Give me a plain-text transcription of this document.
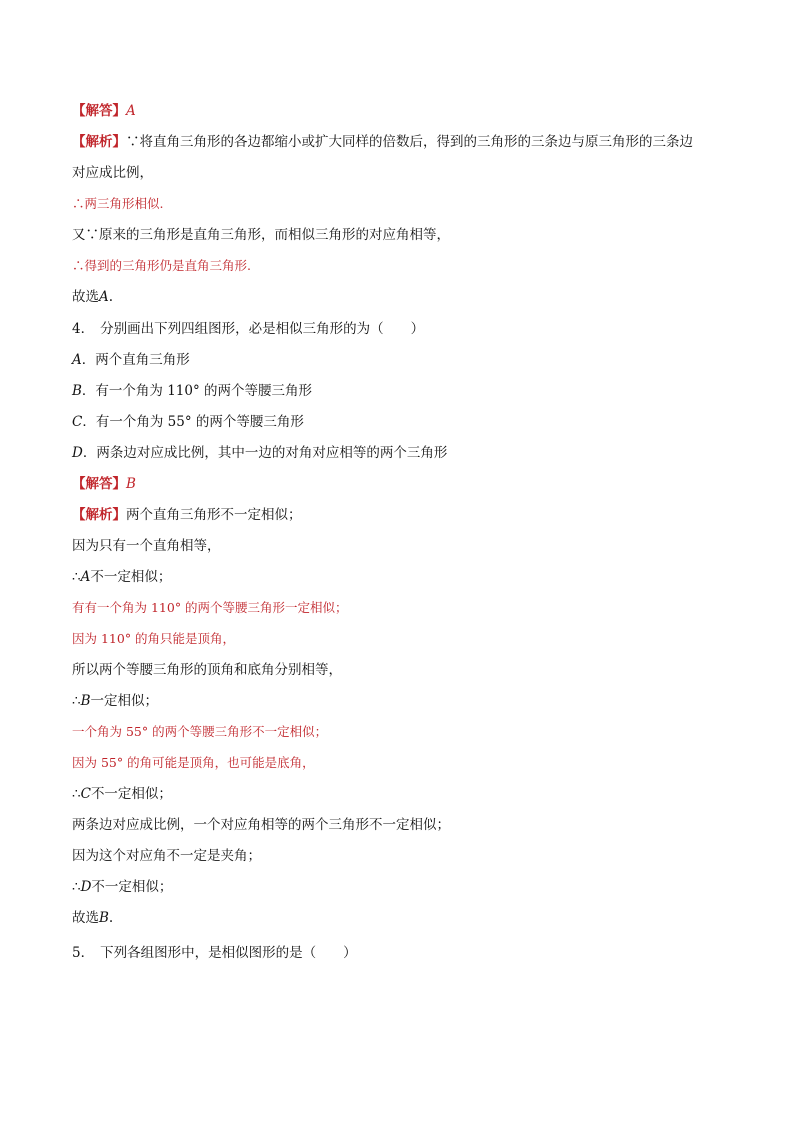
【解答】A
【解析】∵将直角三角形的各边都缩小或扩大同样的倍数后，得到的三角形的三条边与原三角形的三条边
对应成比例，
∴两三角形相似.
又∵原来的三角形是直角三角形，而相似三角形的对应角相等，
∴得到的三角形仍是直角三角形.
故选A.
4． 分别画出下列四组图形，必是相似三角形的为（　　）
A．两个直角三角形
B．有一个角为 110° 的两个等腰三角形
C．有一个角为 55° 的两个等腰三角形
D．两条边对应成比例，其中一边的对角对应相等的两个三角形
【解答】B
【解析】两个直角三角形不一定相似；
因为只有一个直角相等，
∴A不一定相似；
有有一个角为 110° 的两个等腰三角形一定相似；
因为 110° 的角只能是顶角，
所以两个等腰三角形的顶角和底角分别相等，
∴B一定相似；
一个角为 55° 的两个等腰三角形不一定相似；
因为 55° 的角可能是顶角，也可能是底角，
∴C不一定相似；
两条边对应成比例，一个对应角相等的两个三角形不一定相似；
因为这个对应角不一定是夹角；
∴D不一定相似；
故选B.
5． 下列各组图形中，是相似图形的是（　　）
